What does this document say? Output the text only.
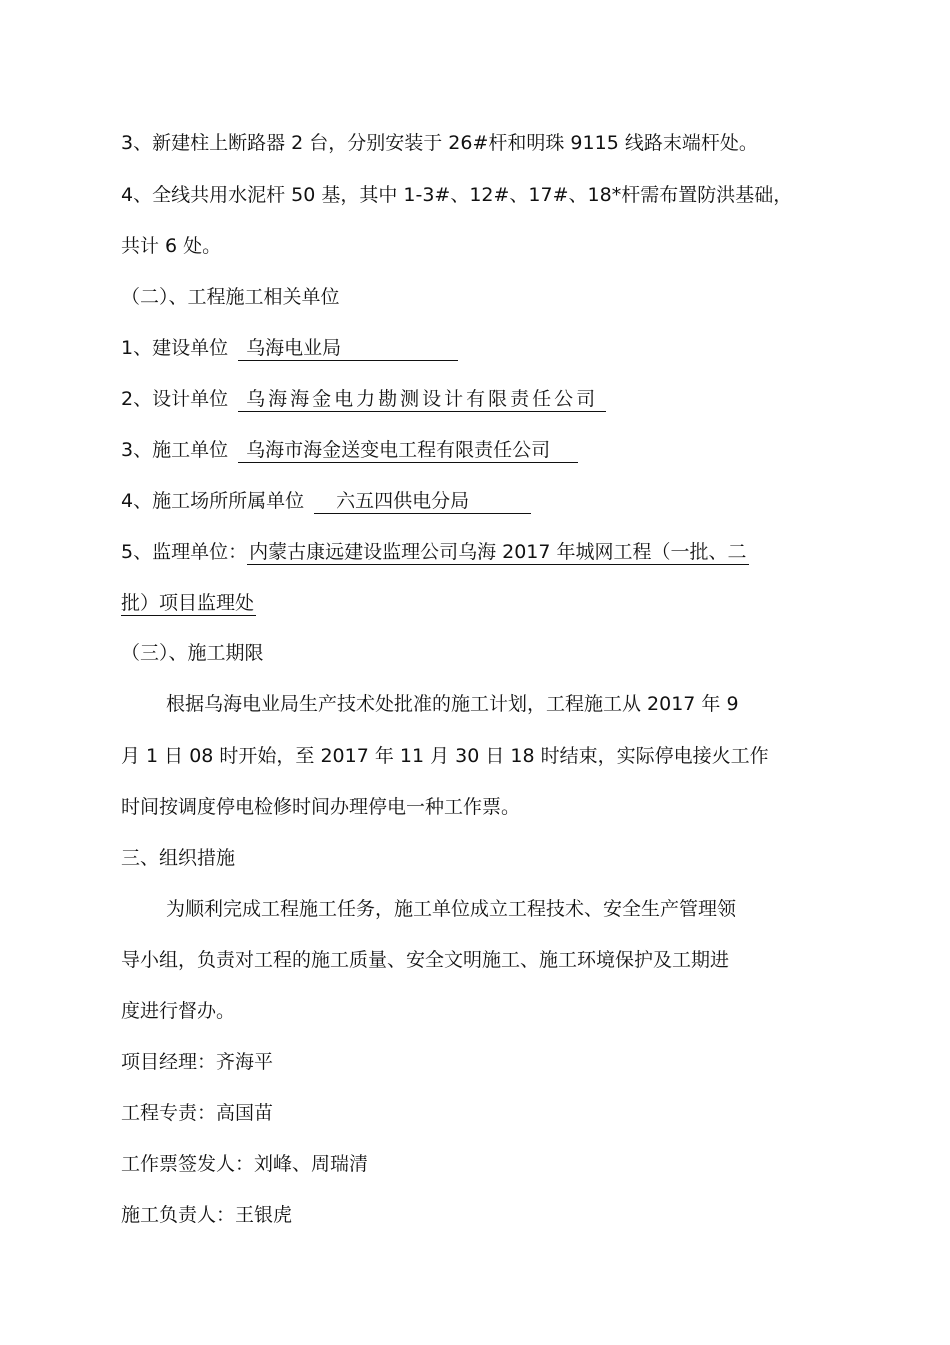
3、新建柱上断路器 2 台，分别安装于 26#杆和明珠 9115 线路末端杆处。
4、全线共用水泥杆 50 基，其中 1-3#、12#、17#、18*杆需布置防洪基础，
共计 6 处。
（二）、工程施工相关单位
1、建设单位 乌海电业局
2、设计单位 乌海海金电力勘测设计有限责任公司
3、施工单位 乌海市海金送变电工程有限责任公司
4、施工场所所属单位 六五四供电分局
5、监理单位： 内蒙古康远建设监理公司乌海 2017 年城网工程（一批、二
批）项目监理处
（三）、施工期限
根据乌海电业局生产技术处批准的施工计划，工程施工从 2017 年 9
月 1 日 08 时开始，至 2017 年 11 月 30 日 18 时结束，实际停电接火工作
时间按调度停电检修时间办理停电一种工作票。
三、组织措施
为顺利完成工程施工任务，施工单位成立工程技术、安全生产管理领
导小组，负责对工程的施工质量、安全文明施工、施工环境保护及工期进
度进行督办。
项目经理：齐海平
工程专责：高国苗
工作票签发人：刘峰、周瑞清
施工负责人：王银虎
